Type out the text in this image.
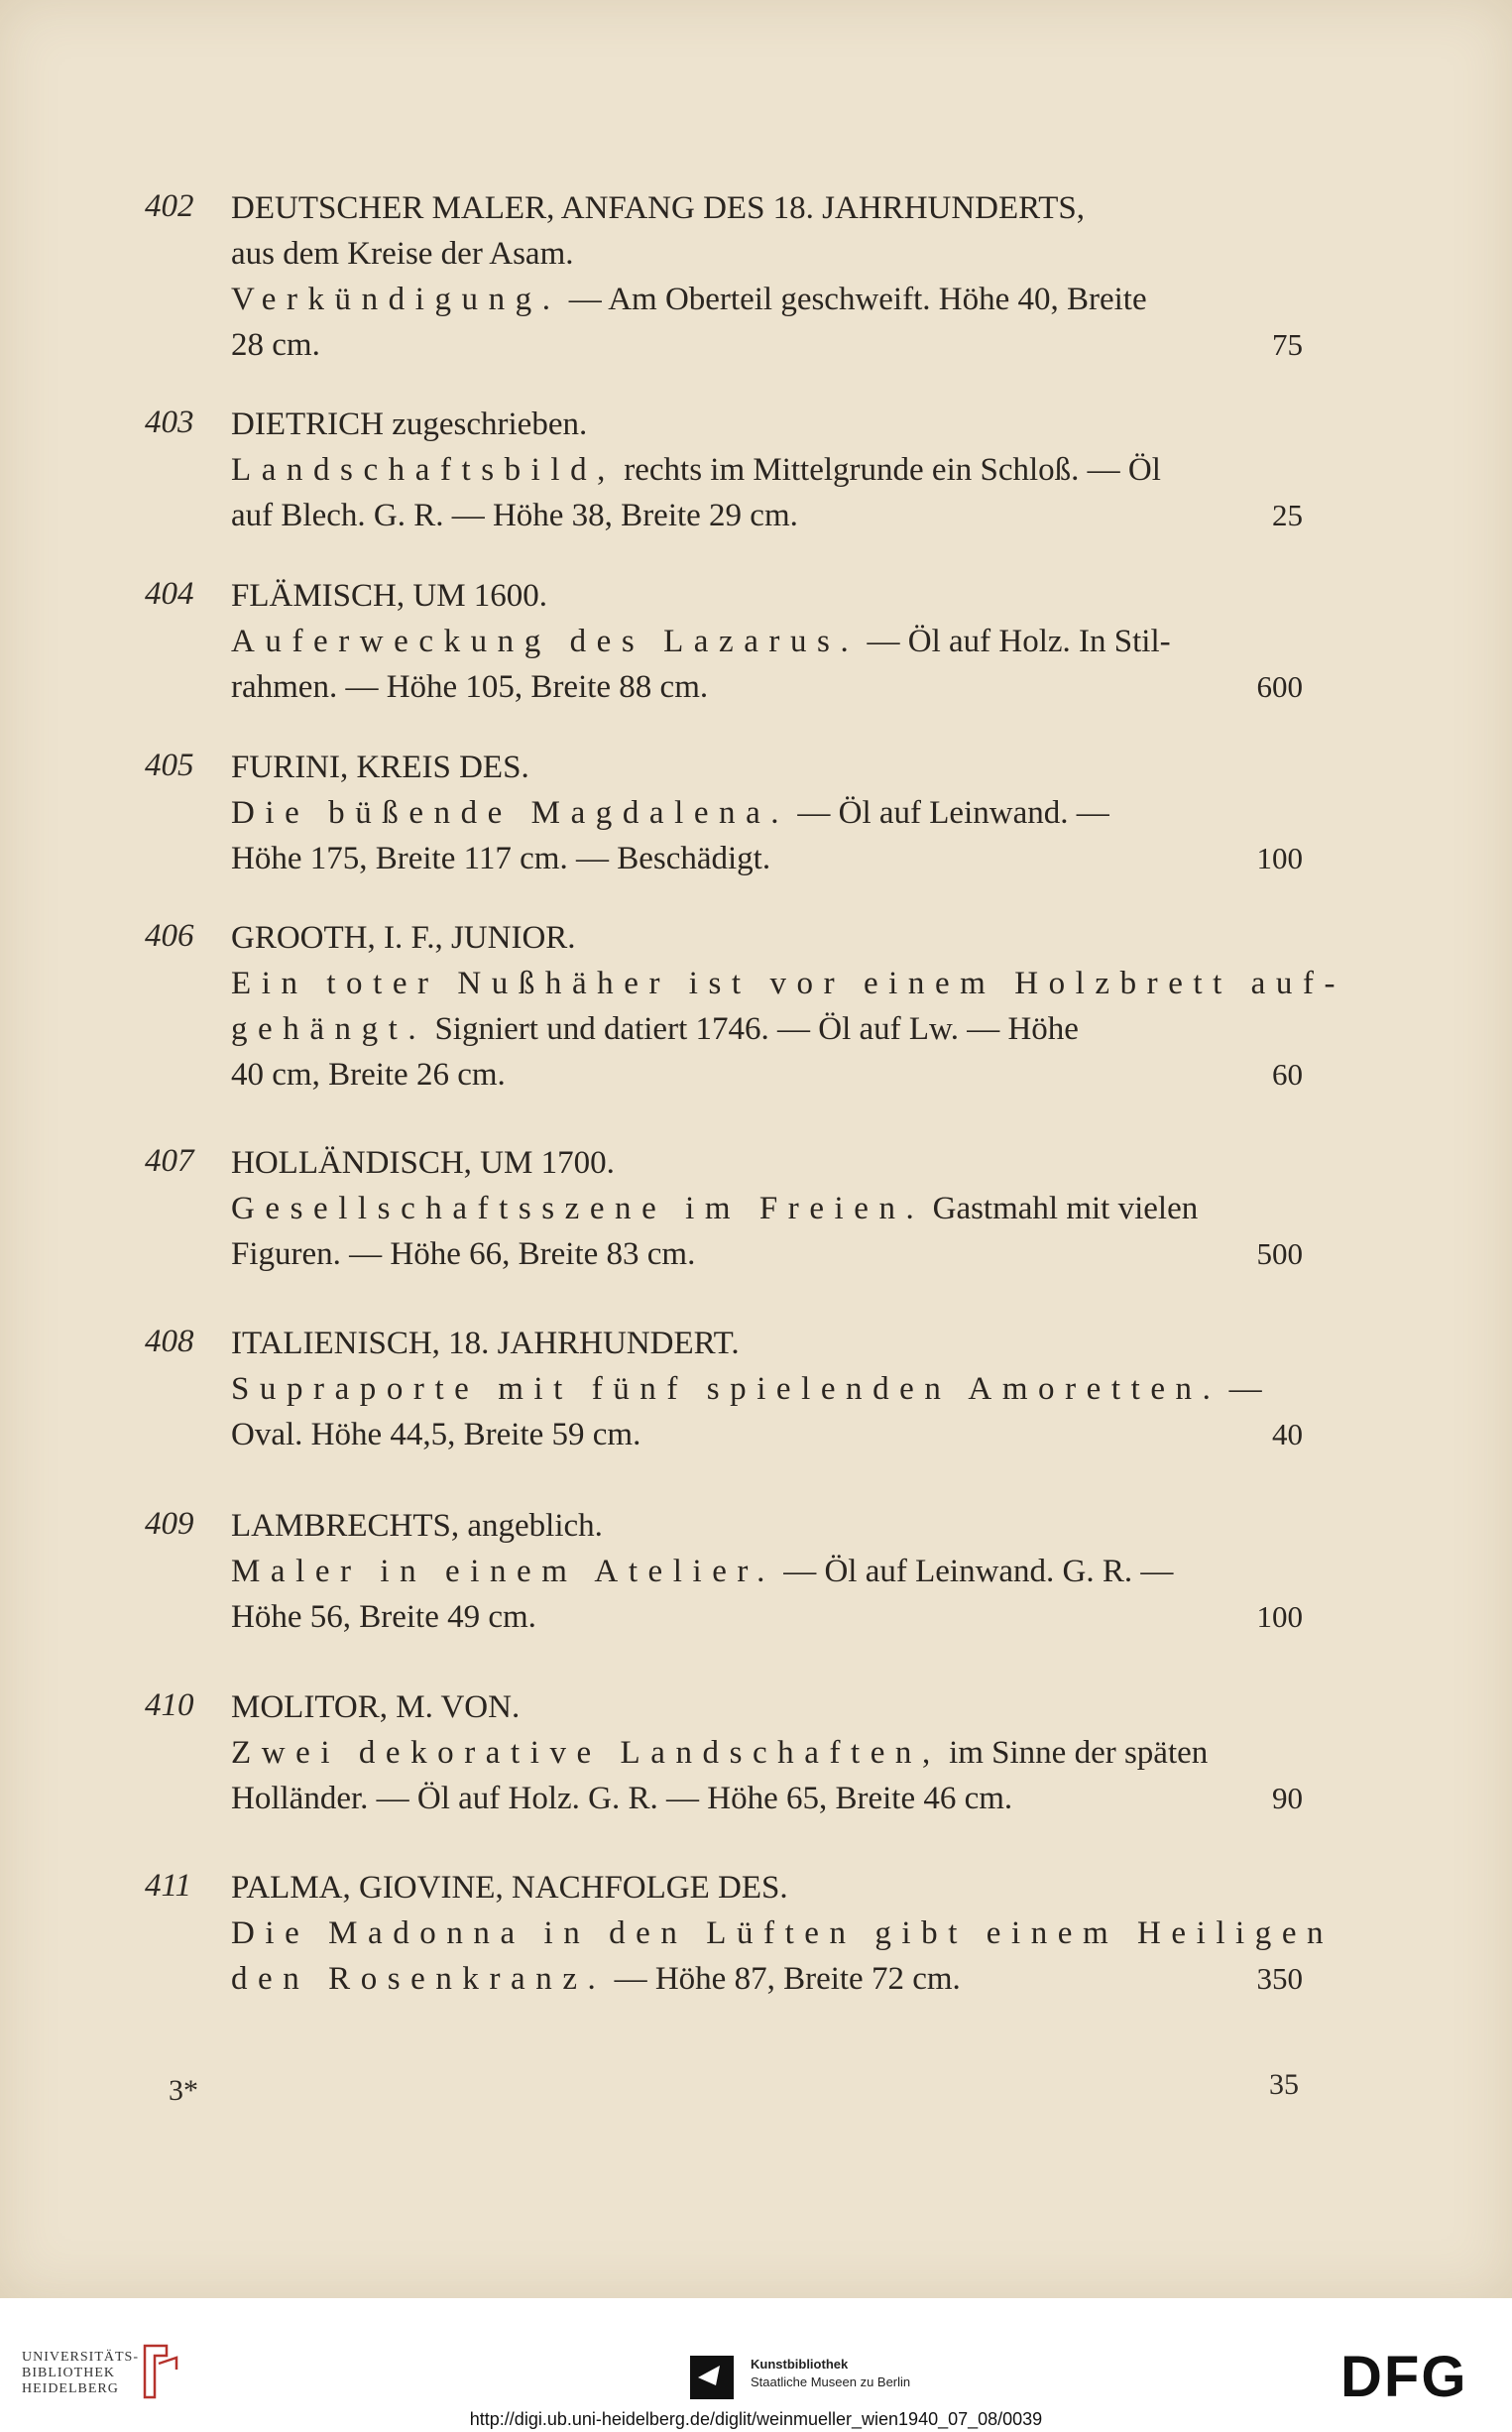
402 DEUTSCHER MALER, ANFANG DES 18. JAHRHUNDERTS,
aus dem Kreise der Asam.
Verkündigung. — Am Oberteil geschweift. Höhe 40, Breite
28 cm.	75
403 DIETRICH zugeschrieben.
Landschaftsbild, rechts im Mittelgrunde ein Schloß. — Öl
auf Blech. G. R. — Höhe 38, Breite 29 cm.	25
404 FLÄMISCH, UM 1600.
Auferweckung des Lazarus. — Öl auf Holz. In Stil-
rahmen. — Höhe 105, Breite 88 cm.	600
405 FURINI, KREIS DES.
Die büßende Magdalena. — Öl auf Leinwand. —
Höhe 175, Breite 117 cm. — Beschädigt.	100
406 GROOTH, I. F., JUNIOR.
Ein toter Nußhäher ist vor einem Holzbrett auf-
gehängt. Signiert und datiert 1746. — Öl auf Lw. — Höhe
40 cm, Breite 26 cm.	60
407 HOLLÄNDISCH, UM 1700.
Gesellschaftsszene im Freien. Gastmahl mit vielen
Figuren. — Höhe 66, Breite 83 cm.	500
408 ITALIENISCH, 18. JAHRHUNDERT.
Supraporte mit fünf spielenden Amoretten. —
Oval. Höhe 44,5, Breite 59 cm.	40
409 LAMBRECHTS, angeblich.
Maler in einem Atelier. — Öl auf Leinwand. G. R. —
Höhe 56, Breite 49 cm.	100
410 MOLITOR, M. VON.
Zwei dekorative Landschaften, im Sinne der späten
Holländer. — Öl auf Holz. G. R. — Höhe 65, Breite 46 cm.	90
411 PALMA, GIOVINE, NACHFOLGE DES.
Die Madonna in den Lüften gibt einem Heiligen
den Rosenkranz. — Höhe 87, Breite 72 cm.	350
3*	35
UNIVERSITÄTS-
BIBLIOTHEK
HEIDELBERG
Kunstbibliothek
Staatliche Museen zu Berlin	DFG
http://digi.ub.uni-heidelberg.de/diglit/weinmueller_wien1940_07_08/0039
